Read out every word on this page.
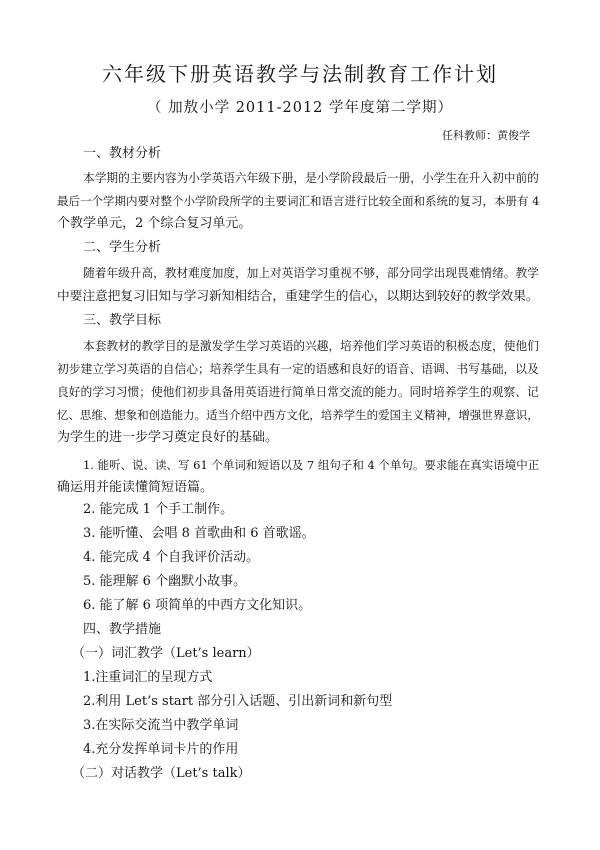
六年级下册英语教学与法制教育工作计划
（ 加敖小学 2011-2012 学年度第二学期）
任科教师：黄俊学
一、教材分析
本学期的主要内容为小学英语六年级下册，是小学阶段最后一册，小学生在升入初中前的
最后一个学期内要对整个小学阶段所学的主要词汇和语言进行比较全面和系统的复习，本册有 4
个教学单元，2 个综合复习单元。
二、学生分析
随着年级升高，教材难度加度，加上对英语学习重视不够，部分同学出现畏难情绪。教学
中要注意把复习旧知与学习新知相结合，重建学生的信心，以期达到较好的教学效果。
三、教学目标
本套教材的教学目的是激发学生学习英语的兴趣，培养他们学习英语的积极态度，使他们
初步建立学习英语的自信心；培养学生具有一定的语感和良好的语音、语调、书写基础，以及
良好的学习习惯；使他们初步具备用英语进行简单日常交流的能力。同时培养学生的观察、记
忆、思维、想象和创造能力。适当介绍中西方文化，培养学生的爱国主义精神，增强世界意识，
为学生的进一步学习奠定良好的基础。
1. 能听、说、读、写 61 个单词和短语以及 7 组句子和 4 个单句。要求能在真实语境中正
确运用并能读懂简短语篇。
2. 能完成 1 个手工制作。
3. 能听懂、会唱 8 首歌曲和 6 首歌谣。
4. 能完成 4 个自我评价活动。
5. 能理解 6 个幽默小故事。
6. 能了解 6 项简单的中西方文化知识。
四、教学措施
（一）词汇教学（Let’s learn）
1.注重词汇的呈现方式
2.利用 Let’s start 部分引入话题、引出新词和新句型
3.在实际交流当中教学单词
4.充分发挥单词卡片的作用
（二）对话教学（Let’s talk）
